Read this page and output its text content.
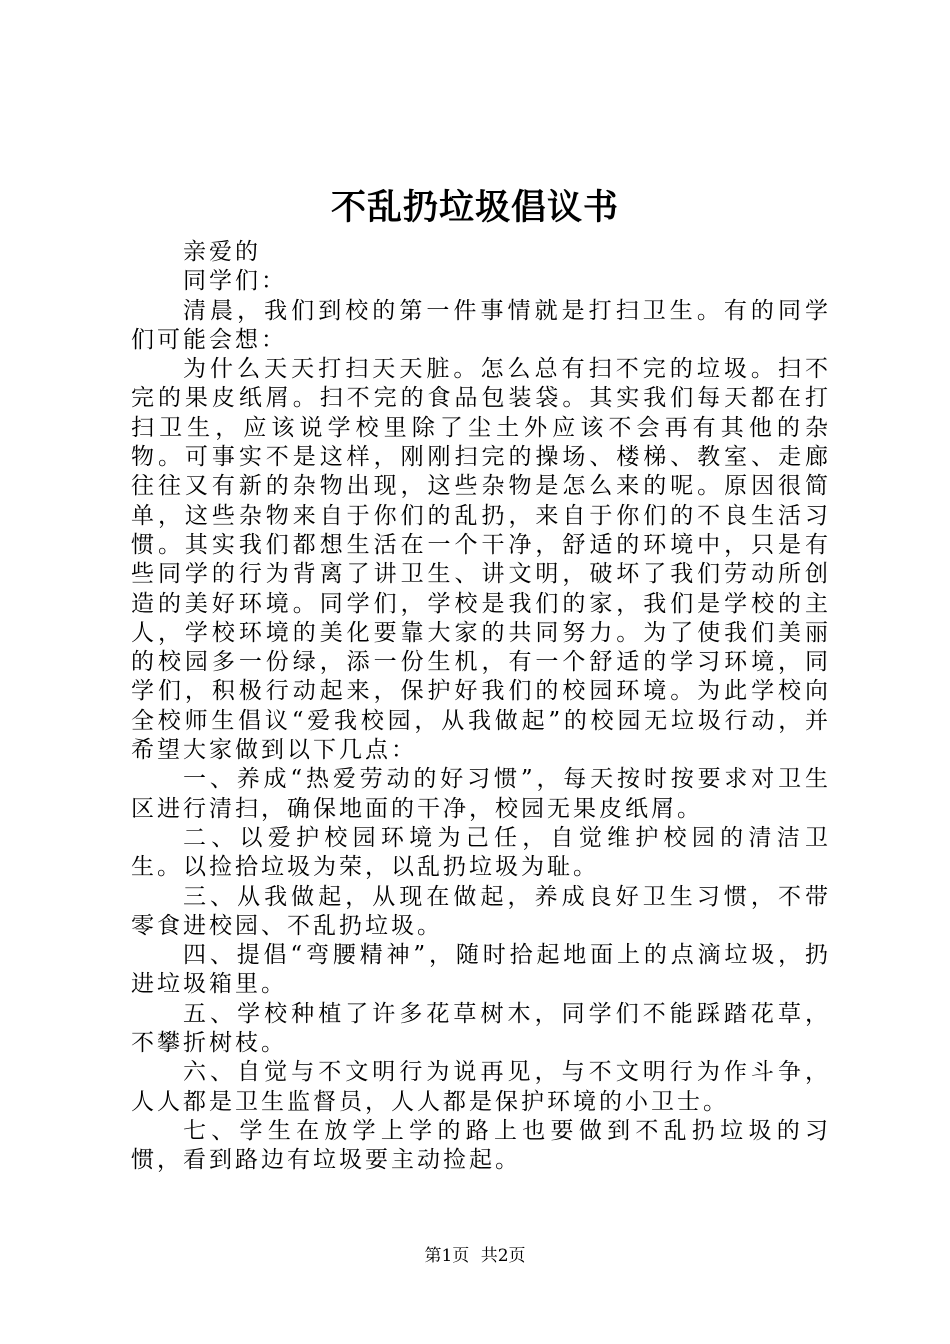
不乱扔垃圾倡议书

亲爱的

同学们：

清晨，我们到校的第一件事情就是打扫卫生。有的同学们可能会想：

为什么天天打扫天天脏。怎么总有扫不完的垃圾。扫不完的果皮纸屑。扫不完的食品包装袋。其实我们每天都在打扫卫生，应该说学校里除了尘土外应该不会再有其他的杂物。可事实不是这样，刚刚扫完的操场、楼梯、教室、走廊往往又有新的杂物出现，这些杂物是怎么来的呢。原因很简单，这些杂物来自于你们的乱扔，来自于你们的不良生活习惯。其实我们都想生活在一个干净，舒适的环境中，只是有些同学的行为背离了讲卫生、讲文明，破坏了我们劳动所创造的美好环境。同学们，学校是我们的家，我们是学校的主人，学校环境的美化要靠大家的共同努力。为了使我们美丽的校园多一份绿，添一份生机，有一个舒适的学习环境，同学们，积极行动起来，保护好我们的校园环境。为此学校向全校师生倡议“爱我校园，从我做起”的校园无垃圾行动，并希望大家做到以下几点：

一、养成“热爱劳动的好习惯”，每天按时按要求对卫生区进行清扫，确保地面的干净，校园无果皮纸屑。

二、以爱护校园环境为己任，自觉维护校园的清洁卫生。以捡拾垃圾为荣，以乱扔垃圾为耻。

三、从我做起，从现在做起，养成良好卫生习惯，不带零食进校园、不乱扔垃圾。

四、提倡“弯腰精神”，随时拾起地面上的点滴垃圾，扔进垃圾箱里。

五、学校种植了许多花草树木，同学们不能踩踏花草，不攀折树枝。

六、自觉与不文明行为说再见，与不文明行为作斗争，人人都是卫生监督员，人人都是保护环境的小卫士。

七、学生在放学上学的路上也要做到不乱扔垃圾的习惯，看到路边有垃圾要主动捡起。

第1页 共2页
